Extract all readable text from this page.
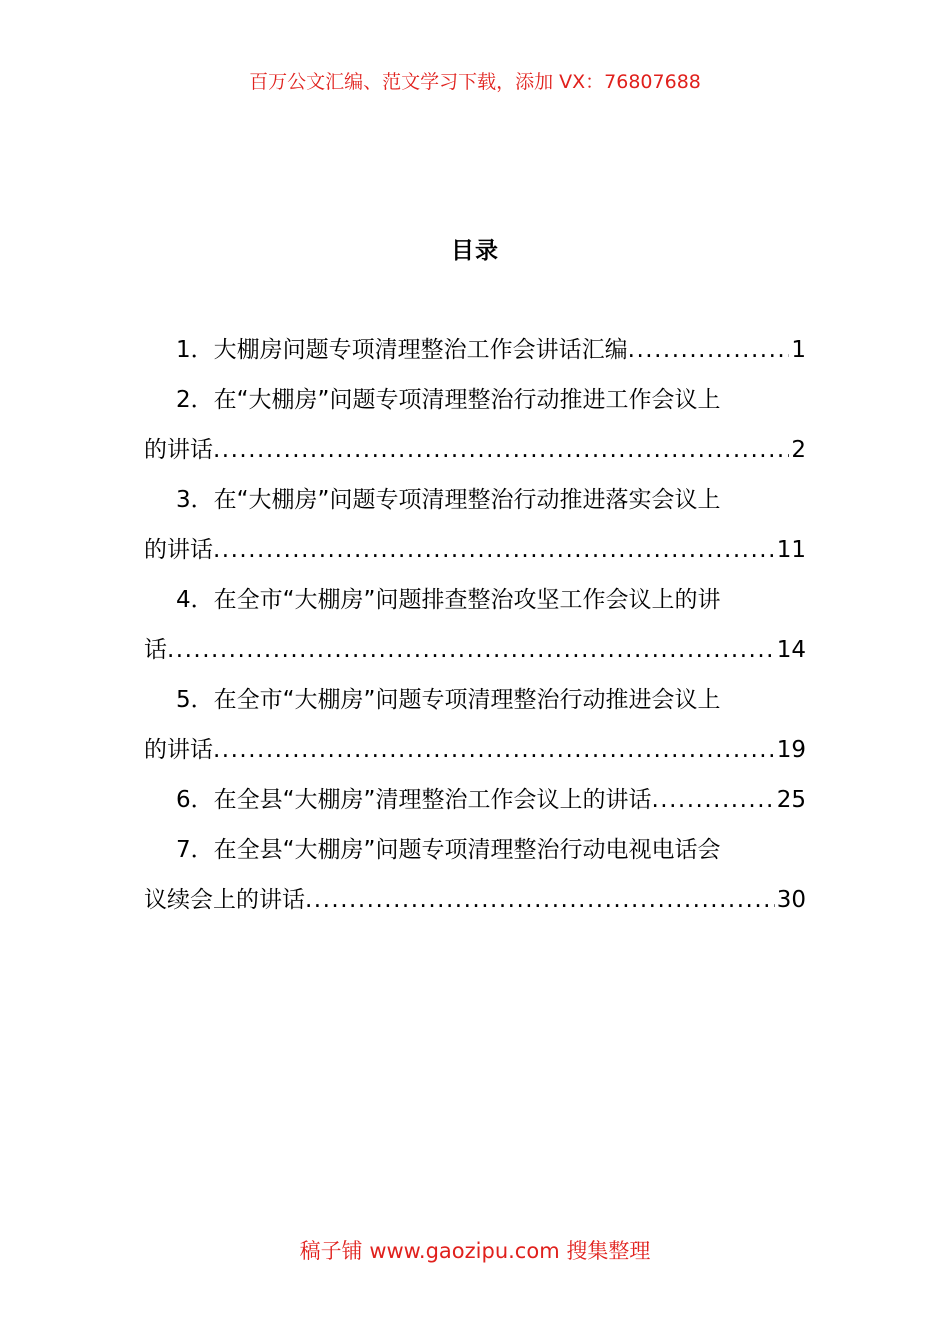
百万公文汇编、范文学习下载，添加 VX：76807688
目录
1． 大棚房问题专项清理整治工作会讲话汇编 .....	1
2． 在“大棚房”问题专项清理整治行动推进工作会议上
的讲话 .....	2
3． 在“大棚房”问题专项清理整治行动推进落实会议上
的讲话 .....	11
4． 在全市“大棚房”问题排查整治攻坚工作会议上的讲
话 .....	14
5． 在全市“大棚房”问题专项清理整治行动推进会议上
的讲话 .....	19
6． 在全县“大棚房”清理整治工作会议上的讲话 .....	25
7． 在全县“大棚房”问题专项清理整治行动电视电话会
议续会上的讲话 .....	30
稿子铺 www.gaozipu.com 搜集整理
